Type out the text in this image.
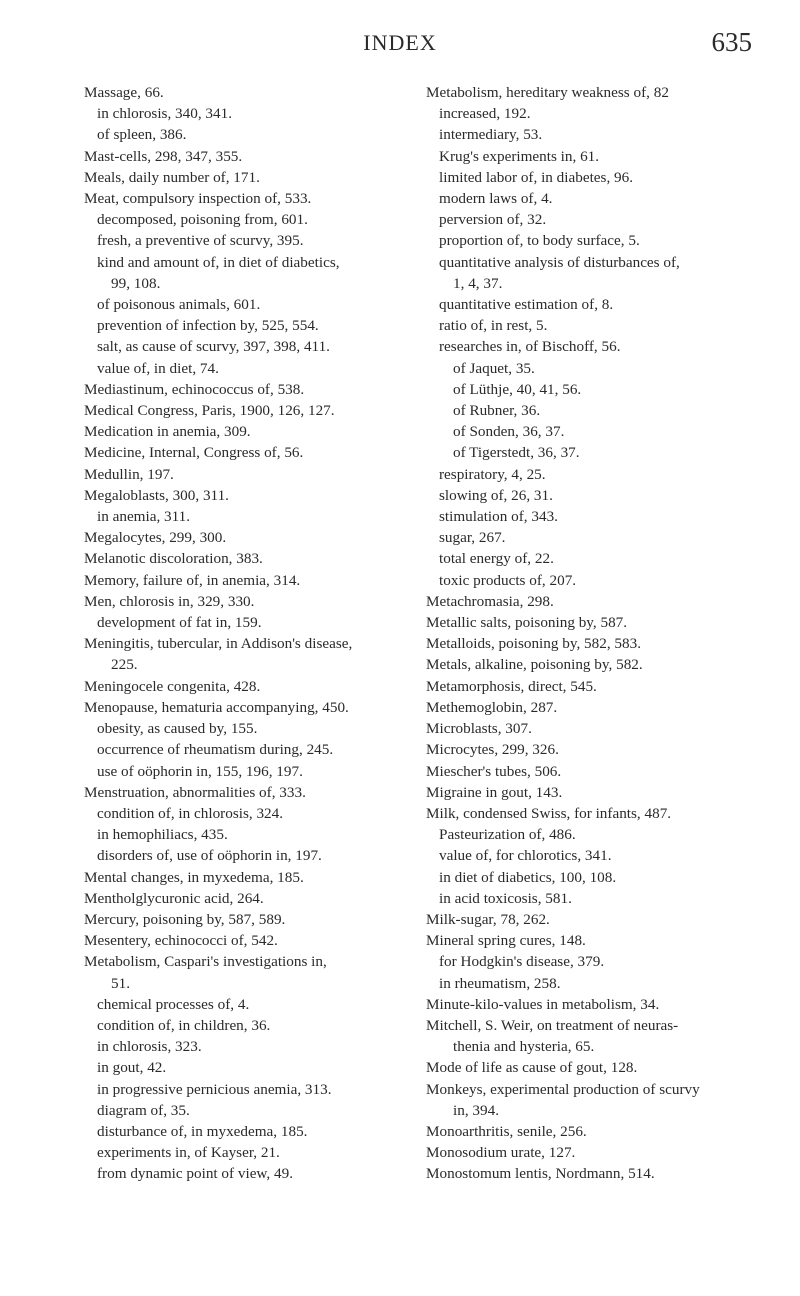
INDEX	635

Massage, 66.

in chlorosis, 340, 341.

of spleen, 386.

Mast-cells, 298, 347, 355.

Meals, daily number of, 171.

Meat, compulsory inspection of, 533.

decomposed, poisoning from, 601.

fresh, a preventive of scurvy, 395.

kind and amount of, in diet of diabetics,

99, 108.

of poisonous animals, 601.

prevention of infection by, 525, 554.

salt, as cause of scurvy, 397, 398, 411.

value of, in diet, 74.

Mediastinum, echinococcus of, 538.

Medical Congress, Paris, 1900, 126, 127.

Medication in anemia, 309.

Medicine, Internal, Congress of, 56.

Medullin, 197.

Megaloblasts, 300, 311.

in anemia, 311.

Megalocytes, 299, 300.

Melanotic discoloration, 383.

Memory, failure of, in anemia, 314.

Men, chlorosis in, 329, 330.

development of fat in, 159.

Meningitis, tubercular, in Addison's disease,

225.

Meningocele congenita, 428.

Menopause, hematuria accompanying, 450.

obesity, as caused by, 155.

occurrence of rheumatism during, 245.

use of oöphorin in, 155, 196, 197.

Menstruation, abnormalities of, 333.

condition of, in chlorosis, 324.

in hemophiliacs, 435.

disorders of, use of oöphorin in, 197.

Mental changes, in myxedema, 185.

Mentholglycuronic acid, 264.

Mercury, poisoning by, 587, 589.

Mesentery, echinococci of, 542.

Metabolism, Caspari's investigations in,

51.

chemical processes of, 4.

condition of, in children, 36.

in chlorosis, 323.

in gout, 42.

in progressive pernicious anemia, 313.

diagram of, 35.

disturbance of, in myxedema, 185.

experiments in, of Kayser, 21.

from dynamic point of view, 49.

Metabolism, hereditary weakness of, 82

increased, 192.

intermediary, 53.

Krug's experiments in, 61.

limited labor of, in diabetes, 96.

modern laws of, 4.

perversion of, 32.

proportion of, to body surface, 5.

quantitative analysis of disturbances of,

1, 4, 37.

quantitative estimation of, 8.

ratio of, in rest, 5.

researches in, of Bischoff, 56.

of Jaquet, 35.

of Lüthje, 40, 41, 56.

of Rubner, 36.

of Sonden, 36, 37.

of Tigerstedt, 36, 37.

respiratory, 4, 25.

slowing of, 26, 31.

stimulation of, 343.

sugar, 267.

total energy of, 22.

toxic products of, 207.

Metachromasia, 298.

Metallic salts, poisoning by, 587.

Metalloids, poisoning by, 582, 583.

Metals, alkaline, poisoning by, 582.

Metamorphosis, direct, 545.

Methemoglobin, 287.

Microblasts, 307.

Microcytes, 299, 326.

Miescher's tubes, 506.

Migraine in gout, 143.

Milk, condensed Swiss, for infants, 487.

Pasteurization of, 486.

value of, for chlorotics, 341.

in diet of diabetics, 100, 108.

in acid toxicosis, 581.

Milk-sugar, 78, 262.

Mineral spring cures, 148.

for Hodgkin's disease, 379.

in rheumatism, 258.

Minute-kilo-values in metabolism, 34.

Mitchell, S. Weir, on treatment of neuras-

thenia and hysteria, 65.

Mode of life as cause of gout, 128.

Monkeys, experimental production of scurvy

in, 394.

Monoarthritis, senile, 256.

Monosodium urate, 127.

Monostomum lentis, Nordmann, 514.
